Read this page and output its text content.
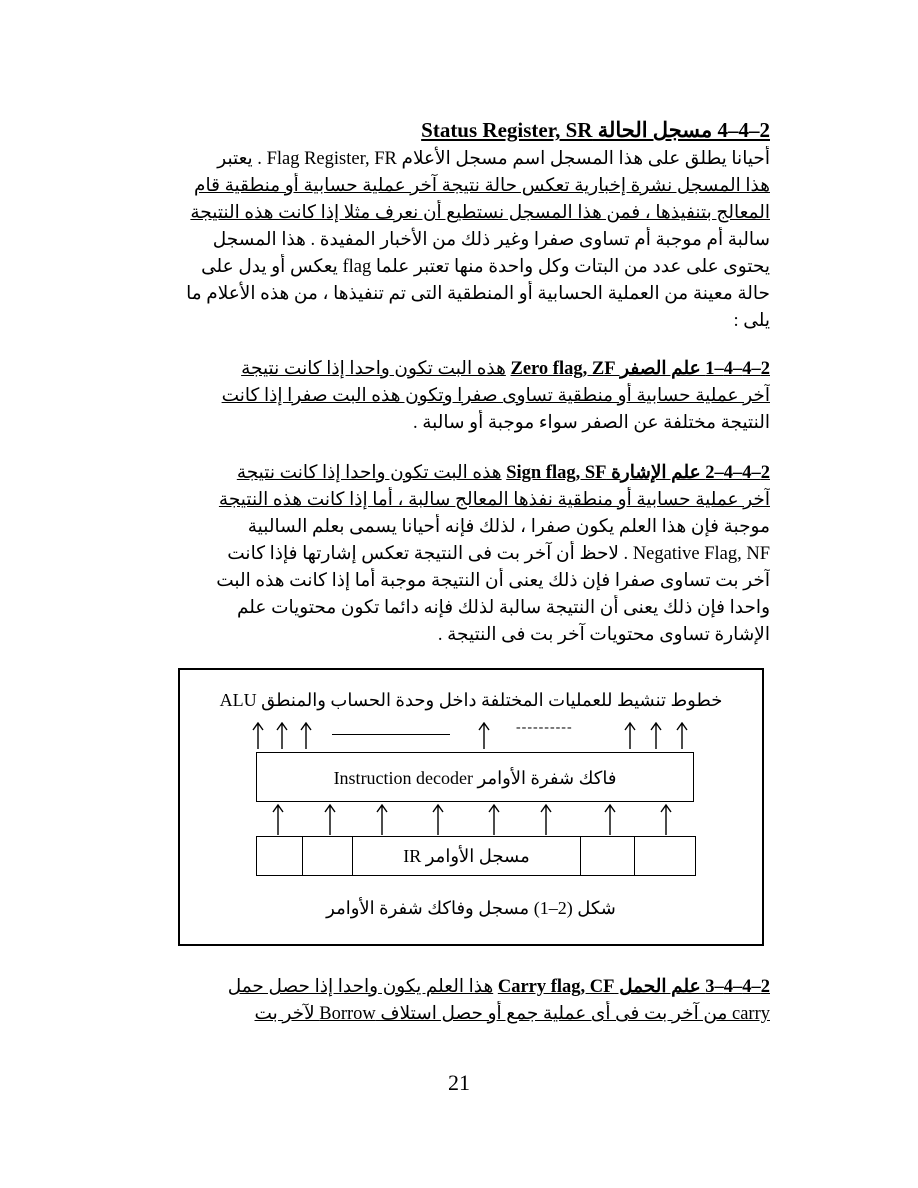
2–4–4 مسجل الحالة Status Register, SR
أحيانا يطلق على هذا المسجل اسم مسجل الأعلام Flag Register, FR . يعتبر
هذا المسجل نشرة إخبارية تعكس حالة نتيجة آخر عملية حسابية أو منطقية قام
المعالج بتنفيذها ، فمن هذا المسجل نستطيع أن نعرف مثلا إذا كانت هذه النتيجة
سالبة أم موجبة أم تساوى صفرا وغير ذلك من الأخبار المفيدة . هذا المسجل
يحتوى على عدد من البتات وكل واحدة منها تعتبر علما flag يعكس أو يدل على
حالة معينة من العملية الحسابية أو المنطقية التى تم تنفيذها ، من هذه الأعلام ما
يلى :
2–4–4–1 علم الصفر Zero flag, ZF هذه البت تكون واحدا إذا كانت نتيجة
آخر عملية حسابية أو منطقية تساوى صفرا وتكون هذه البت صفرا إذا كانت
النتيجة مختلفة عن الصفر سواء موجبة أو سالبة .
2–4–4–2 علم الإشارة Sign flag, SF هذه البت تكون واحدا إذا كانت نتيجة
آخر عملية حسابية أو منطقية نفذها المعالج سالبة ، أما إذا كانت هذه النتيجة
موجبة فإن هذا العلم يكون صفرا ، لذلك فإنه أحيانا يسمى بعلم السالبية
Negative Flag, NF . لاحظ أن آخر بت فى النتيجة تعكس إشارتها فإذا كانت
آخر بت تساوى صفرا فإن ذلك يعنى أن النتيجة موجبة أما إذا كانت هذه البت
واحدا فإن ذلك يعنى أن النتيجة سالبة لذلك فإنه دائما تكون محتويات علم
الإشارة تساوى محتويات آخر بت فى النتيجة .
خطوط تنشيط للعمليات المختلفة داخل وحدة الحساب والمنطق ALU
----------
فاكك شفرة الأوامر Instruction decoder
مسجل الأوامر IR
شكل (2–1) مسجل وفاكك شفرة الأوامر
2–4–4–3 علم الحمل Carry flag, CF هذا العلم يكون واحدا إذا حصل حمل
carry من آخر بت فى أى عملية جمع أو حصل استلاف Borrow لآخر بت
21
